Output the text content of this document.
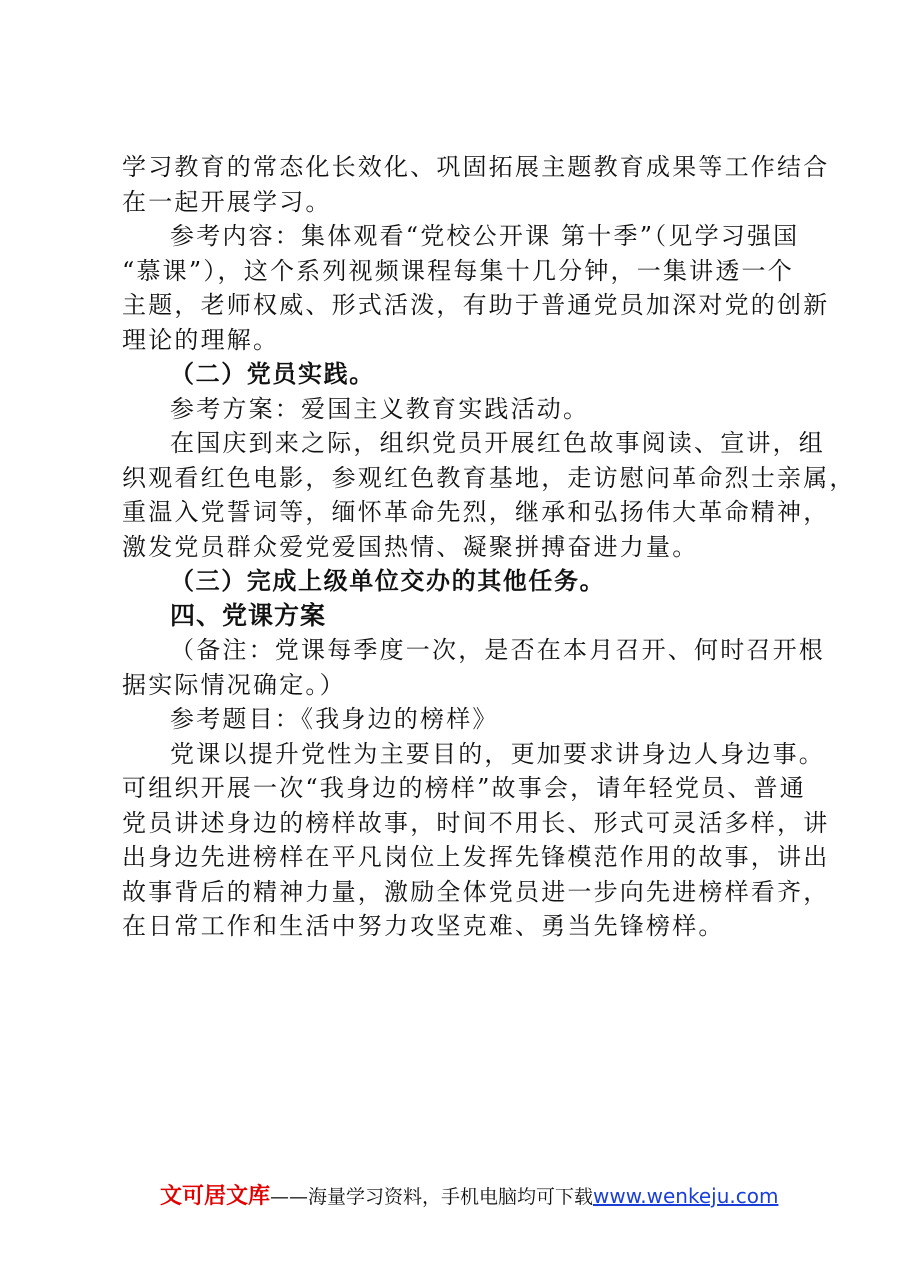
学习教育的常态化长效化、巩固拓展主题教育成果等工作结合
在一起开展学习。
参考内容：集体观看“党校公开课 第十季”（见学习强国
“慕课”），这个系列视频课程每集十几分钟，一集讲透一个
主题，老师权威、形式活泼，有助于普通党员加深对党的创新
理论的理解。
（二）党员实践。
参考方案：爱国主义教育实践活动。
在国庆到来之际，组织党员开展红色故事阅读、宣讲，组
织观看红色电影，参观红色教育基地，走访慰问革命烈士亲属，
重温入党誓词等，缅怀革命先烈，继承和弘扬伟大革命精神，
激发党员群众爱党爱国热情、凝聚拼搏奋进力量。
（三）完成上级单位交办的其他任务。
四、党课方案
（备注：党课每季度一次，是否在本月召开、何时召开根
据实际情况确定。）
参考题目：《我身边的榜样》
党课以提升党性为主要目的，更加要求讲身边人身边事。
可组织开展一次“我身边的榜样”故事会，请年轻党员、普通
党员讲述身边的榜样故事，时间不用长、形式可灵活多样，讲
出身边先进榜样在平凡岗位上发挥先锋模范作用的故事，讲出
故事背后的精神力量，激励全体党员进一步向先进榜样看齐，
在日常工作和生活中努力攻坚克难、勇当先锋榜样。
文可居文库——海量学习资料，手机电脑均可下载www.wenkeju.com
